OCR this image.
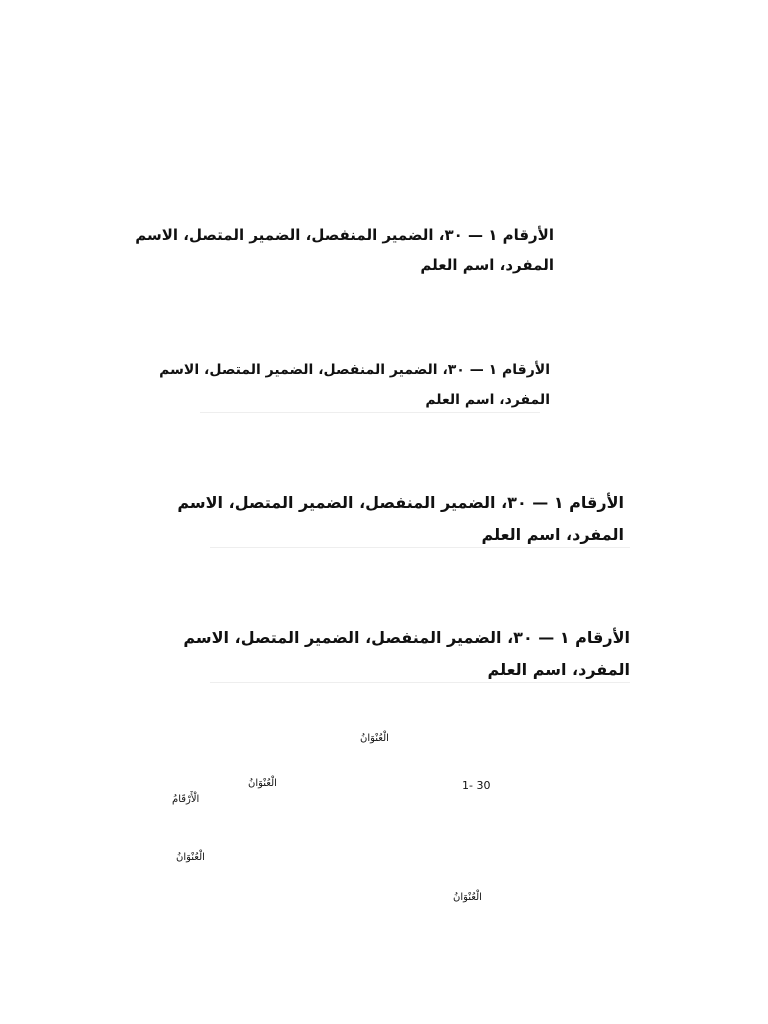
الأرقام ١ — ٣٠، الضمير المنفصل، الضمير المتصل، الاسم
المفرد، اسم العلم
الأرقام ١ — ٣٠، الضمير المنفصل، الضمير المتصل، الاسم
المفرد، اسم العلم
الأرقام ١ — ٣٠، الضمير المنفصل، الضمير المتصل، الاسم
المفرد، اسم العلم
الأرقام ١ — ٣٠، الضمير المنفصل، الضمير المتصل، الاسم
المفرد، اسم العلم
الْعُنْوَانُ
الْعُنْوَانُ	1- 30
الْأَرْقَامُ
الْعُنْوَانُ
الْعُنْوَانُ
